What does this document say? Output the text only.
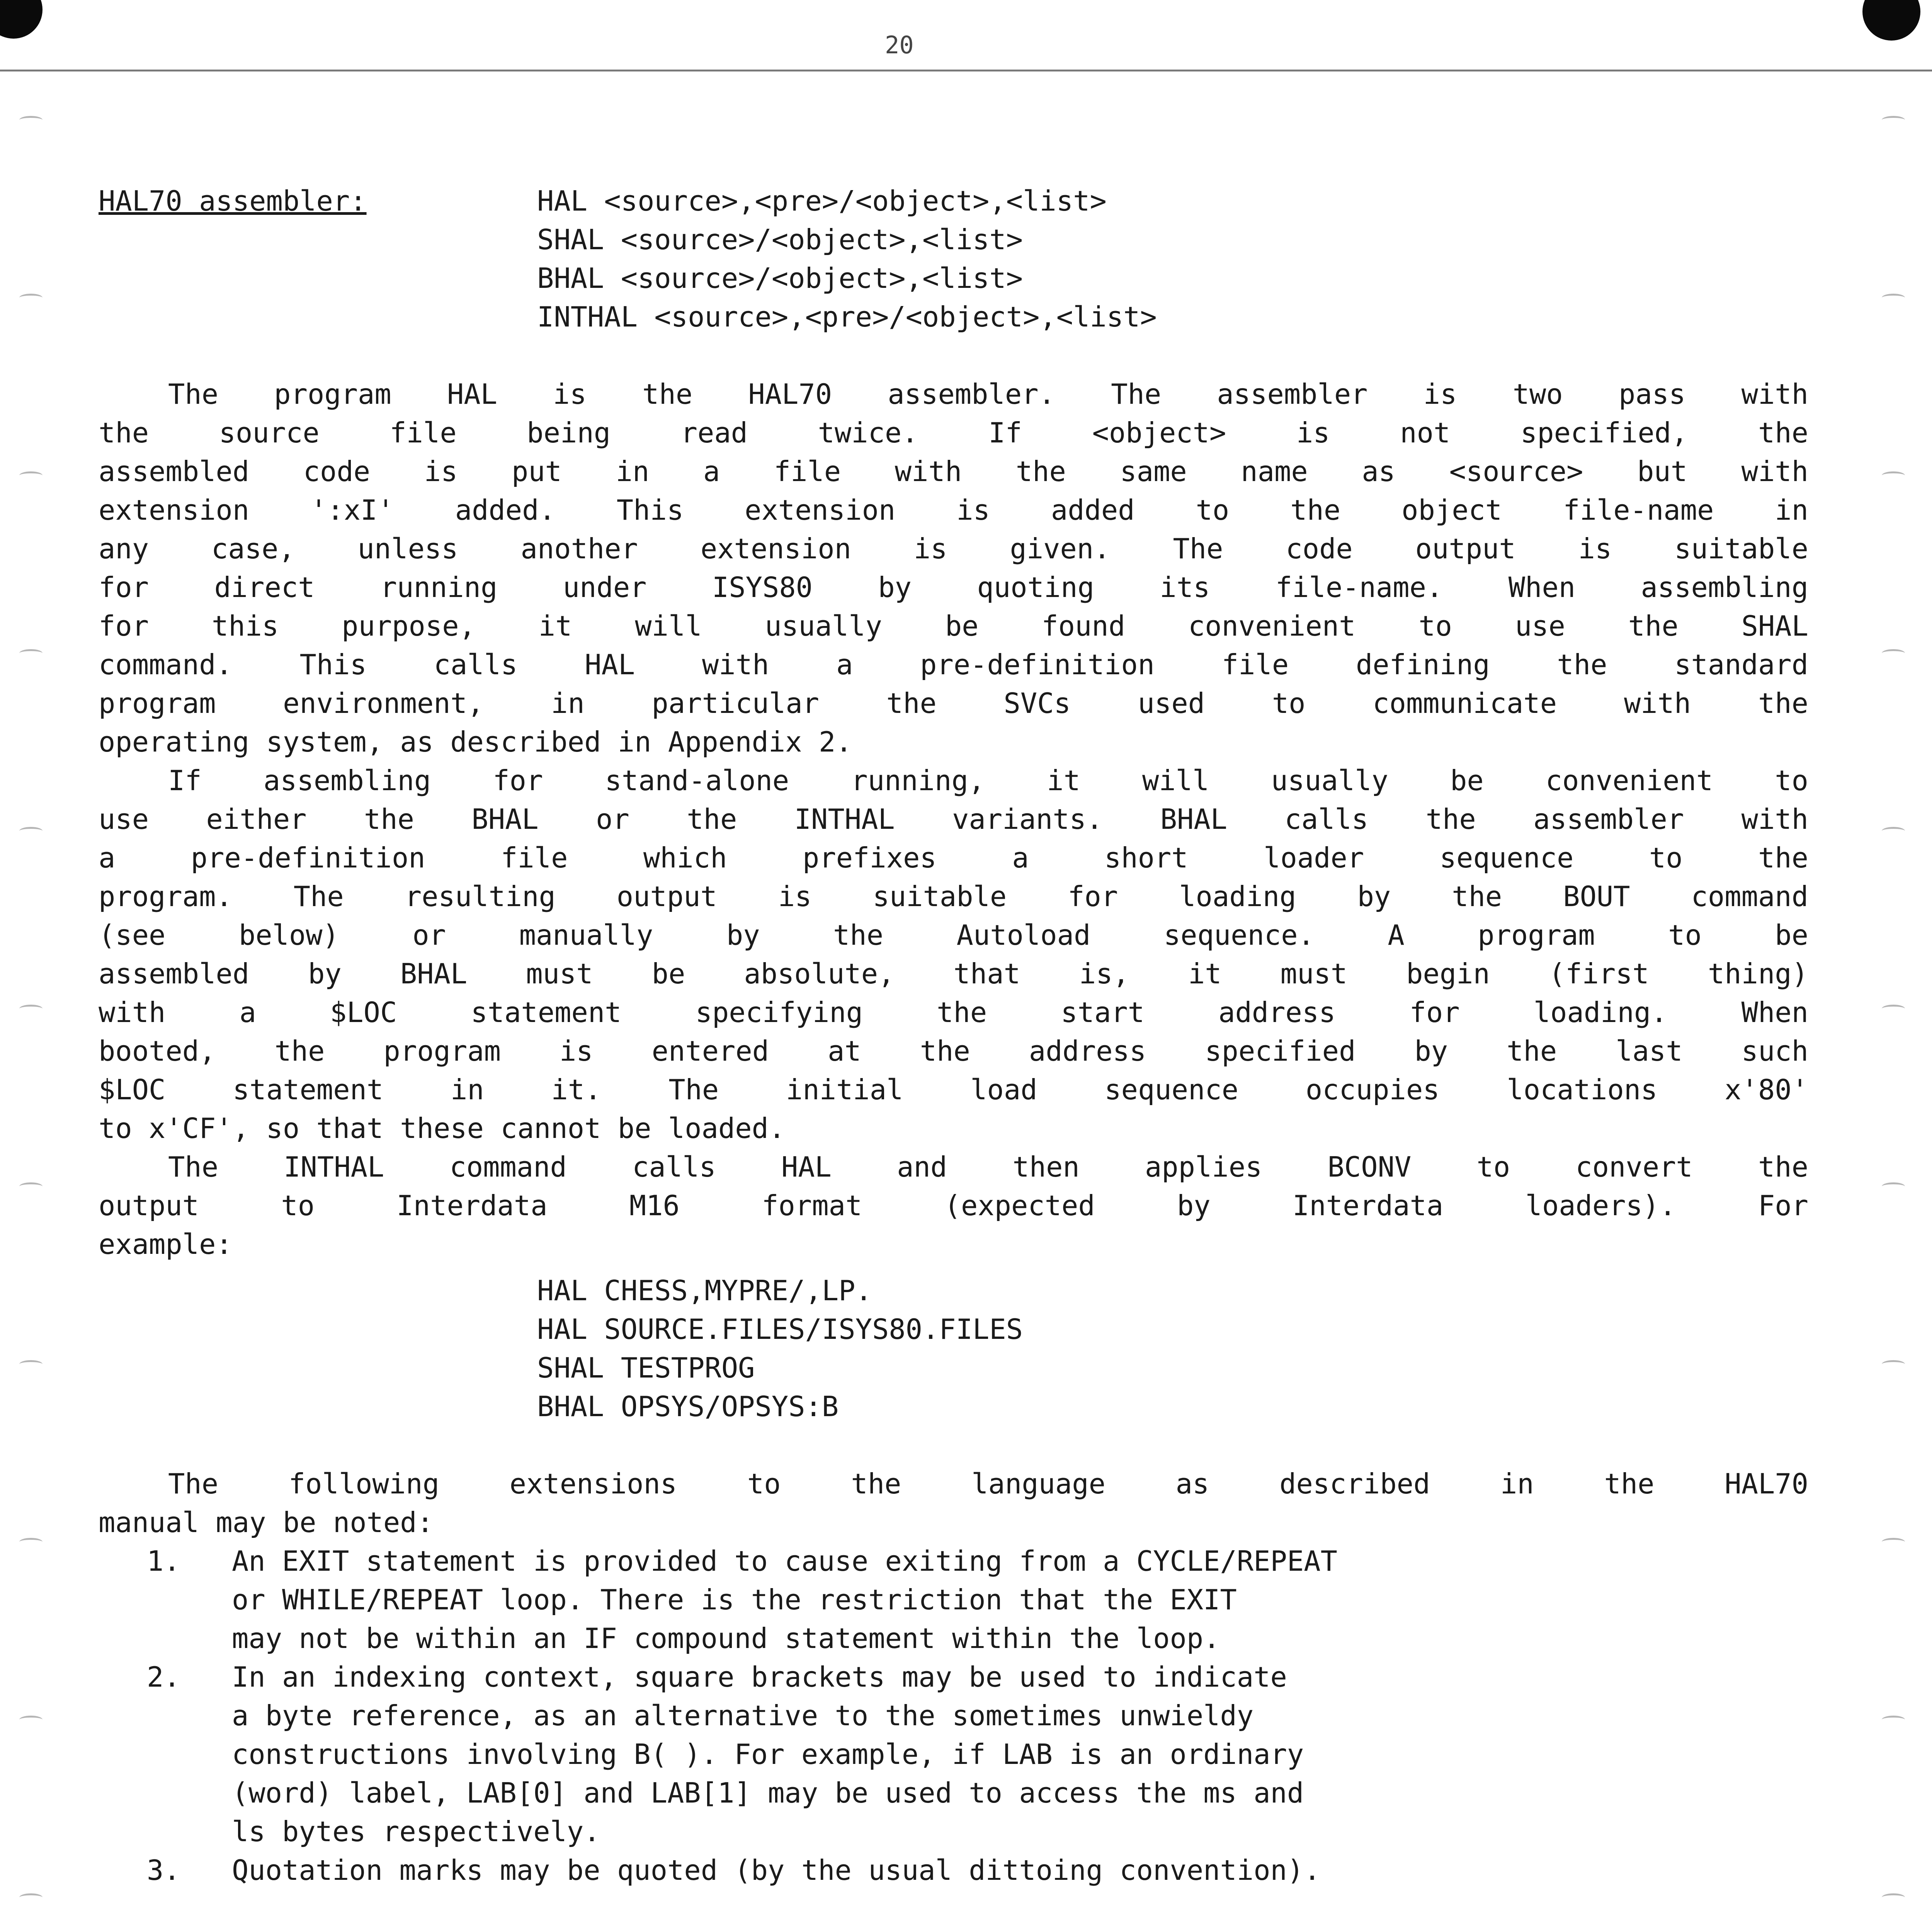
20
HAL70 assembler:	HAL <source>,<pre>/<object>,<list>
SHAL <source>/<object>,<list>
BHAL <source>/<object>,<list>
INTHAL <source>,<pre>/<object>,<list>
The program HAL is the HAL70 assembler. The assembler is two pass with
the source file being read twice. If <object> is not specified, the
assembled code is put in a file with the same name as <source> but with
extension ':xI' added. This extension is added to the object file-name in
any case, unless another extension is given. The code output is suitable
for direct running under ISYS80 by quoting its file-name. When assembling
for this purpose, it will usually be found convenient to use the SHAL
command. This calls HAL with a pre-definition file defining the standard
program environment, in particular the SVCs used to communicate with the
operating system, as described in Appendix 2.
If assembling for stand-alone running, it will usually be convenient to
use either the BHAL or the INTHAL variants. BHAL calls the assembler with
a pre-definition file which prefixes a short loader sequence to the
program. The resulting output is suitable for loading by the BOUT command
(see below) or manually by the Autoload sequence. A program to be
assembled by BHAL must be absolute, that is, it must begin (first thing)
with a $LOC statement specifying the start address for loading. When
booted, the program is entered at the address specified by the last such
$LOC statement in it. The initial load sequence occupies locations x'80'
to x'CF', so that these cannot be loaded.
The INTHAL command calls HAL and then applies BCONV to convert the
output to Interdata M16 format (expected by Interdata loaders). For
example:
HAL CHESS,MYPRE/,LP.
HAL SOURCE.FILES/ISYS80.FILES
SHAL TESTPROG
BHAL OPSYS/OPSYS:B
The following extensions to the language as described in the HAL70
manual may be noted:
1. An EXIT statement is provided to cause exiting from a CYCLE/REPEAT
or WHILE/REPEAT loop. There is the restriction that the EXIT
may not be within an IF compound statement within the loop.
2. In an indexing context, square brackets may be used to indicate
a byte reference, as an alternative to the sometimes unwieldy
constructions involving B( ). For example, if LAB is an ordinary
(word) label, LAB[0] and LAB[1] may be used to access the ms and
ls bytes respectively.
3. Quotation marks may be quoted (by the usual dittoing convention).
